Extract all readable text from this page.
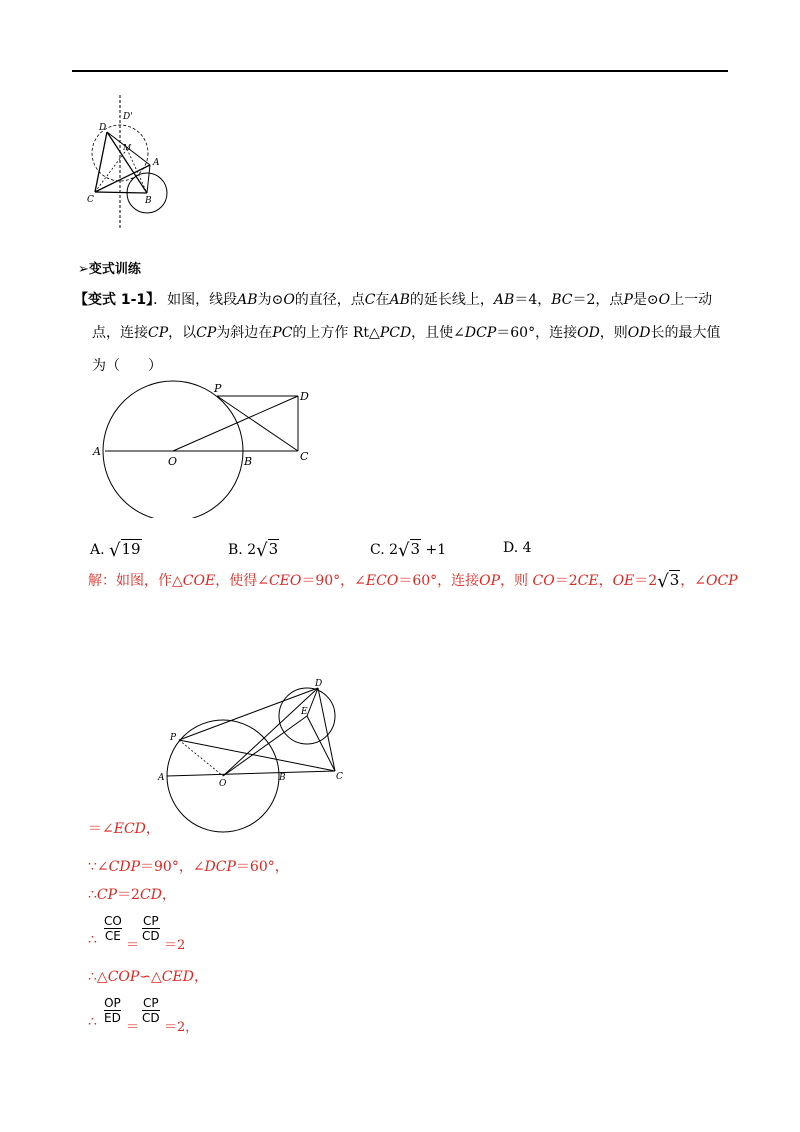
D
D'
M
A
C	B
➢变式训练
【变式 1-1】．如图，线段AB为⊙O的直径，点C在AB的延长线上，AB＝4，BC＝2，点P是⊙O上一动
点，连接CP，以CP为斜边在PC的上方作 Rt△PCD，且使∠DCP＝60°，连接OD，则OD长的最大值
为（　　）
P
D
A
O	B	C
A. √19	B. 2√3	C. 2√3 +1	D. 4
解：如图，作△COE，使得∠CEO＝90°，∠ECO＝60°，连接OP，则 CO＝2CE，OE＝2√3，∠OCP
D
E
P
A
O
B	C
＝∠ECD，
∵∠CDP＝90°，∠DCP＝60°，
∴CP＝2CD，
∴ $\frac{CO}{CE}$
＝
$\frac{CP}{CD}$
＝2
∴△COP∽△CED，
∴ $\frac{OP}{ED}$
＝
$\frac{CP}{CD}$
＝2，
